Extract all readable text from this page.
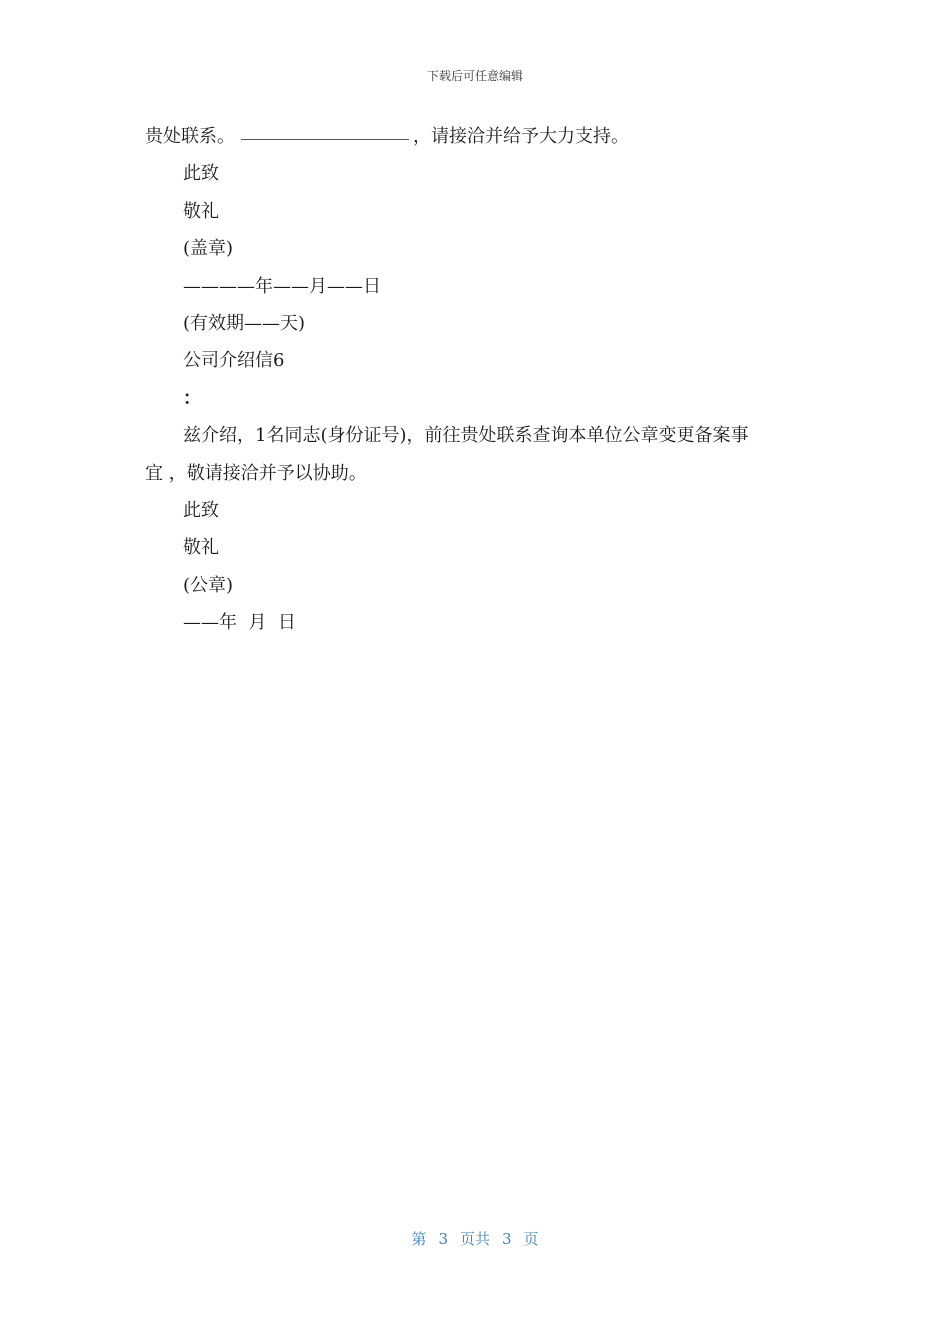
下载后可任意编辑
贵处联系。	，请接洽并给予大力支持。
此致
敬礼
(盖章)
————年——月——日
(有效期——天)
公司介绍信6
：
兹介绍，1名同志(身份证号)，前往贵处联系查询本单位公章变更备案事
宜 ，敬请接洽并予以协助。
此致
敬礼
(公章)
——年  月  日
第 3 页共 3 页
